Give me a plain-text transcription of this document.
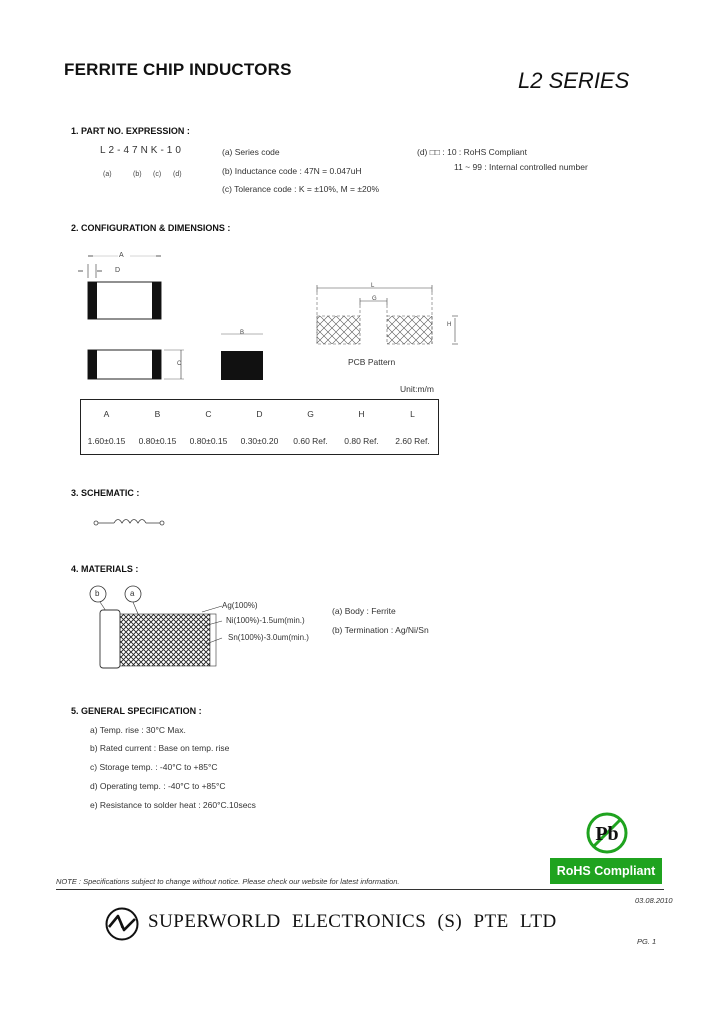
FERRITE CHIP INDUCTORS	L2 SERIES
1. PART NO. EXPRESSION :
L2-47NK-10
(a)	(b) (c) (d)
(a) Series code
(b) Inductance code : 47N = 0.047uH
(c) Tolerance code : K = ±10%, M = ±20%
(d) □□ : 10 : RoHS Compliant
11 ~ 99 : Internal controlled number
2. CONFIGURATION & DIMENSIONS :
A
D
C
B
L
G
H
PCB Pattern
Unit:m/m
A	B	C	D	G	H	L
1.60±0.15	0.80±0.15	0.80±0.15	0.30±0.20	0.60 Ref.	0.80 Ref.	2.60 Ref.
3. SCHEMATIC :
4. MATERIALS :
b	a
Ag(100%)
Ni(100%)-1.5um(min.)
Sn(100%)-3.0um(min.)
(a) Body : Ferrite
(b) Termination : Ag/Ni/Sn
5. GENERAL SPECIFICATION :
a) Temp. rise : 30°C Max.
b) Rated current : Base on temp. rise
c) Storage temp. : -40°C to +85°C
d) Operating temp. : -40°C to +85°C
e) Resistance to solder heat : 260°C.10secs
Pb
RoHS Compliant
NOTE : Specifications subject to change without notice. Please check our website for latest information.
03.08.2010
SUPERWORLD ELECTRONICS (S) PTE LTD
PG. 1
